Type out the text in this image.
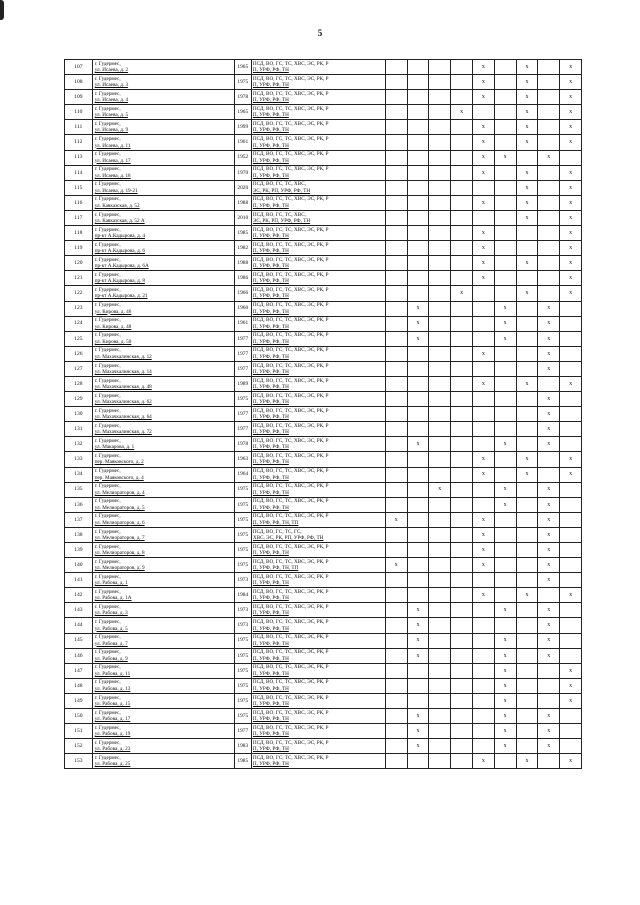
5
107	г. Гудермес,
ул. Исаева, д. 2	1965	ПСД, ВО, ГС, ТС, ХВС, ЭС, РК, Р
П, УРФ, РФ, ТН					x		x		x
108	г. Гудермес,
ул. Исаева, д. 3	1975	ПСД, ВО, ГС, ТС, ХВС, ЭС, РК, Р
П, УРФ, РФ, ТН					x		x		x
109	г. Гудермес,
ул. Исаева, д. 4	1978	ПСД, ВО, ГС, ТС, ХВС, ЭС, РК, Р
П, УРФ, РФ, ТН					x		x		x
110	г. Гудермес,
ул. Исаева, д. 5	1965	ПСД, ВО, ГС, ТС, ХВС, ЭС, РК, Р
П, УРФ, РФ, ТН				x			x		x
111	г. Гудермес,
ул. Исаева, д. 9	1999	ПСД, ВО, ГС, ТС, ХВС, ЭС, РК, Р
П, УРФ, РФ, ТН					x		x		x
112	г. Гудермес,
ул. Исаева, д. 11	1961	ПСД, ВО, ГС, ТС, ХВС, ЭС, РК, Р
П, УРФ, РФ, ТН					x		x		x
113	г. Гудермес,
ул. Исаева, д. 17	1952	ПСД, ВО, ГС, ТС, ХВС, ЭС, РК, Р
П, УРФ, РФ, ТН					x	x		x	
114	г. Гудермес,
ул. Исаева, д. 18	1970	ПСД, ВО, ГС, ТС, ХВС, ЭС, РК, Р
П, УРФ, РФ, ТН					x		x		x
115	г. Гудермес,
ул. Исаева, д. 19-21	2020	ПСД, ВО, ГС, ТС, ХВС,
ЭС, РК, РП, УРФ, РФ, ТН							x		x
116	г. Гудермес,
ул. Кавказская, д. 52	1988	ПСД, ВО, ГС, ТС, ХВС, ЭС, РК, Р
П, УРФ, РФ, ТН					x		x		x
117	г. Гудермес,
ул. Кавказская, д. 52 А	2010	ПСД, ВО, ГС, ТС, ХВС,
ЭС, РК, РП, УРФ, РФ, ТН							x		x
118	г. Гудермес,
пр-кт А.Кадырова, д. 4	1985	ПСД, ВО, ГС, ТС, ХВС, ЭС, РК, Р
П, УРФ, РФ, ТН					x				x
119	г. Гудермес,
пр-кт А.Кадырова, д. 6	1982	ПСД, ВО, ГС, ТС, ХВС, ЭС, РК, Р
П, УРФ, РФ, ТН					x				x
120	г. Гудермес,
пр-кт А.Кадырова, д. 6А	1988	ПСД, ВО, ГС, ТС, ХВС, ЭС, РК, Р
П, УРФ, РФ, ТН					x		x		x
121	г. Гудермес,
пр-кт А.Кадырова, д. 8	1986	ПСД, ВО, ГС, ТС, ХВС, ЭС, РК, Р
П, УРФ, РФ, ТН					x				x
122	г. Гудермес,
пр-кт А.Кадырова, д. 21	1966	ПСД, ВО, ГС, ТС, ХВС, ЭС, РК, Р
П, УРФ, РФ, ТН				x			x		x
123	г. Гудермес,
ул. Кирова, д. 46	1960	ПСД, ВО, ГС, ТС, ХВС, ЭС, РК, Р
П, УРФ, РФ, ТН		x				x		x	
124	г. Гудермес,
ул. Кирова, д. 48	1961	ПСД, ВО, ГС, ТС, ХВС, ЭС, РК, Р
П, УРФ, РФ, ТН		x				x		x	
125	г. Гудермес,
ул. Кирова, д. 50	1977	ПСД, ВО, ГС, ТС, ХВС, ЭС, РК, Р
П, УРФ, РФ, ТН		x				x		x	
126	г. Гудермес,
ул. Махачкалинская, д. 12	1977	ПСД, ВО, ГС, ТС, ХВС, ЭС, РК, Р
П, УРФ, РФ, ТН					x			x	
127	г. Гудермес,
ул. Махачкалинская, д. 14	1977	ПСД, ВО, ГС, ТС, ХВС, ЭС, РК, Р
П, УРФ, РФ, ТН								x	
128	г. Гудермес,
ул. Махачкалинская, д. 48	1989	ПСД, ВО, ГС, ТС, ХВС, ЭС, РК, Р
П, УРФ, РФ, ТН					x		x		x
129	г. Гудермес,
ул. Махачкалинская, д. 62	1975	ПСД, ВО, ГС, ТС, ХВС, ЭС, РК, Р
П, УРФ, РФ, ТН								x	
130	г. Гудермес,
ул. Махачкалинская, д. 64	1977	ПСД, ВО, ГС, ТС, ХВС, ЭС, РК, Р
П, УРФ, РФ, ТН								x	
131	г. Гудермес,
ул. Махачкалинская, д. 72	1977	ПСД, ВО, ГС, ТС, ХВС, ЭС, РК, Р
П, УРФ, РФ, ТН								x	
132	г. Гудермес,
ул. Макарова, д. 1	1978	ПСД, ВО, ГС, ТС, ХВС, ЭС, РК, Р
П, УРФ, РФ, ТН		x				x		x	
133	г. Гудермес,
пер. Маяковского, д. 2	1963	ПСД, ВО, ГС, ТС, ХВС, ЭС, РК, Р
П, УРФ, РФ, ТН					x		x		x
134	г. Гудермес,
пер. Маяковского, д. 4	1964	ПСД, ВО, ГС, ТС, ХВС, ЭС, РК, Р
П, УРФ, РФ, ТН					x		x		x
135	г. Гудермес,
ул. Мелиораторов, д. 4	1975	ПСД, ВО, ГС, ТС, ХВС, ЭС, РК, Р
П, УРФ, РФ, ТН			x			x		x	
136	г. Гудермес,
ул. Мелиораторов, д. 5	1975	ПСД, ВО, ГС, ТС, ХВС, ЭС, РК, Р
П, УРФ, РФ, ТН						x		x	
137	г. Гудермес,
ул. Мелиораторов, д. 6	1975	ПСД, ВО, ГС, ТС, ХВС, ЭС, РК, Р
П, УРФ, РФ, ТН, ТП	x				x			x	
138	г. Гудермес,
ул. Мелиораторов, д. 7	1975	ПСД, ВО, ГС, ТС, ГС,
ХВС, ЭС, РК, РП, УРФ, РФ, ТН					x			x	
139	г. Гудермес,
ул. Мелиораторов, д. 8	1975	ПСД, ВО, ГС, ТС, ХВС, ЭС, РК, Р
П, УРФ, РФ, ТН					x			x	
140	г. Гудермес,
ул. Мелиораторов, д. 9	1975	ПСД, ВО, ГС, ТС, ХВС, ЭС, РК, Р
П, УРФ, РФ, ТН, ТП	x				x			x	
141	г. Гудермес,
ул. Рабова, д. 1	1973	ПСД, ВО, ГС, ТС, ХВС, ЭС, РК, Р
П, УРФ, РФ, ТН								x	
142	г. Гудермес,
ул. Рабова, д. 1А	1984	ПСД, ВО, ГС, ТС, ХВС, ЭС, РК, Р
П, УРФ, РФ, ТН					x		x		x
143	г. Гудермес,
ул. Рабова, д. 3	1973	ПСД, ВО, ГС, ТС, ХВС, ЭС, РК, Р
П, УРФ, РФ, ТН		x				x		x	
144	г. Гудермес,
ул. Рабова, д. 5	1973	ПСД, ВО, ГС, ТС, ХВС, ЭС, РК, Р
П, УРФ, РФ, ТН		x						x	
145	г. Гудермес,
ул. Рабова, д. 7	1975	ПСД, ВО, ГС, ТС, ХВС, ЭС, РК, Р
П, УРФ, РФ, ТН		x				x		x	
146	г. Гудермес,
ул. Рабова, д. 9	1975	ПСД, ВО, ГС, ТС, ХВС, ЭС, РК, Р
П, УРФ, РФ, ТН		x				x		x	
147	г. Гудермес,
ул. Рабова, д. 11	1975	ПСД, ВО, ГС, ТС, ХВС, ЭС, РК, Р
П, УРФ, РФ, ТН						x			x
148	г. Гудермес,
ул. Рабова, д. 13	1975	ПСД, ВО, ГС, ТС, ХВС, ЭС, РК, Р
П, УРФ, РФ, ТН						x			x
149	г. Гудермес,
ул. Рабова, д. 15	1975	ПСД, ВО, ГС, ТС, ХВС, ЭС, РК, Р
П, УРФ, РФ, ТН						x			x
150	г. Гудермес,
ул. Рабова, д. 17	1975	ПСД, ВО, ГС, ТС, ХВС, ЭС, РК, Р
П, УРФ, РФ, ТН		x				x		x	
151	г. Гудермес,
ул. Рабова, д. 19	1977	ПСД, ВО, ГС, ТС, ХВС, ЭС, РК, Р
П, УРФ, РФ, ТН		x				x		x	
152	г. Гудермес,
ул. Рабова, д. 23	1983	ПСД, ВО, ГС, ТС, ХВС, ЭС, РК, Р
П, УРФ, РФ, ТН		x				x		x	
153	г. Гудермес,
ул. Рабова, д. 25	1985	ПСД, ВО, ГС, ТС, ХВС, ЭС, РК, Р
П, УРФ, РФ, ТН					x		x		x
